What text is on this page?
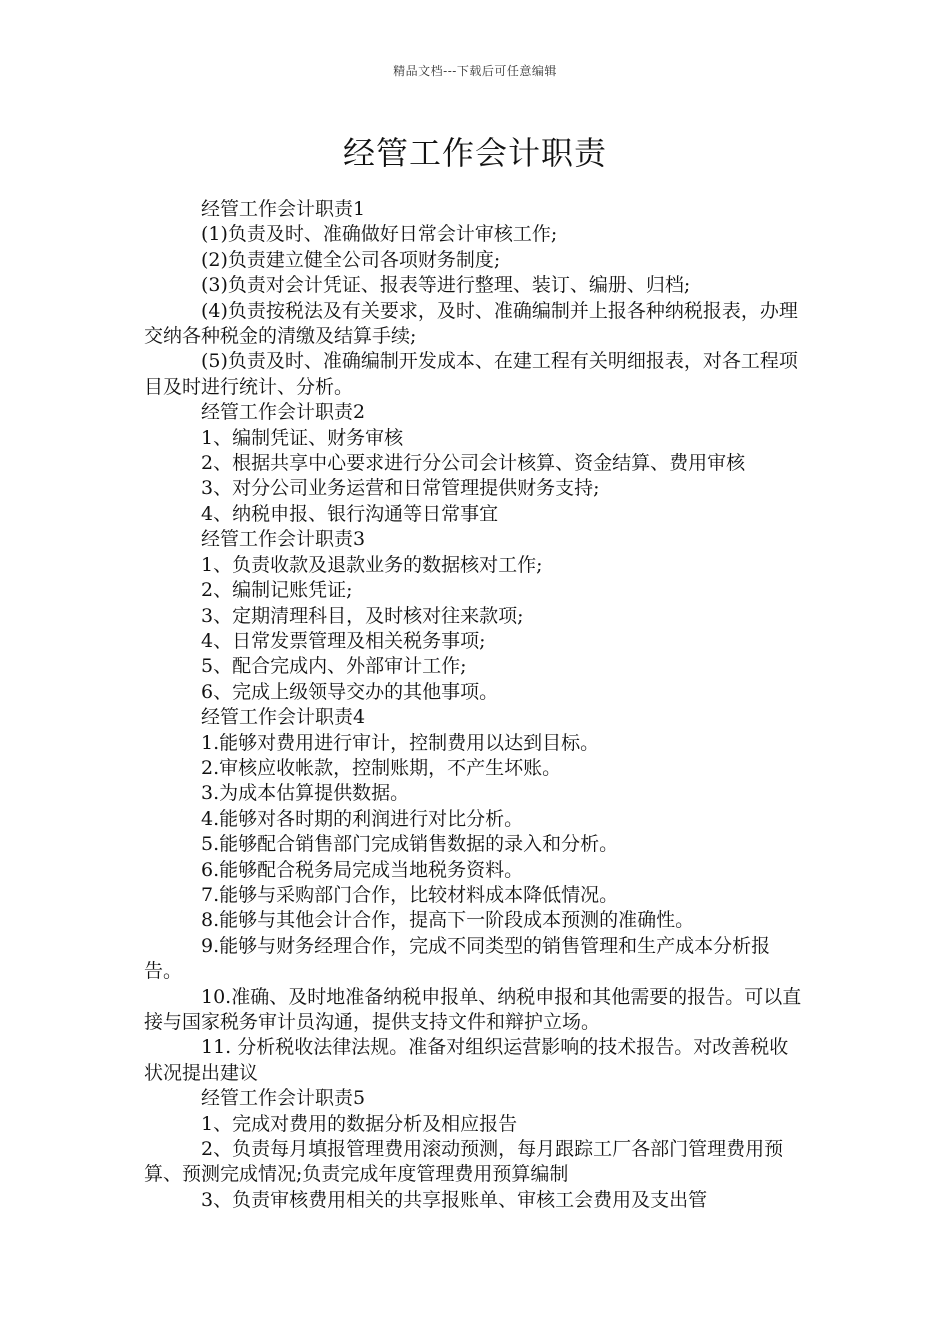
精品文档---下载后可任意编辑
经管工作会计职责

经管工作会计职责1

(1)负责及时、准确做好日常会计审核工作;

(2)负责建立健全公司各项财务制度;

(3)负责对会计凭证、报表等进行整理、装订、编册、归档;

(4)负责按税法及有关要求，及时、准确编制并上报各种纳税报表，办理交纳各种税金的清缴及结算手续;

(5)负责及时、准确编制开发成本、在建工程有关明细报表，对各工程项目及时进行统计、分析。

经管工作会计职责2

1、编制凭证、财务审核

2、根据共享中心要求进行分公司会计核算、资金结算、费用审核

3、对分公司业务运营和日常管理提供财务支持;

4、纳税申报、银行沟通等日常事宜

经管工作会计职责3

1、负责收款及退款业务的数据核对工作;

2、编制记账凭证;

3、定期清理科目，及时核对往来款项;

4、日常发票管理及相关税务事项;

5、配合完成内、外部审计工作;

6、完成上级领导交办的其他事项。

经管工作会计职责4

1.能够对费用进行审计，控制费用以达到目标。

2.审核应收帐款，控制账期，不产生坏账。

3.为成本估算提供数据。

4.能够对各时期的利润进行对比分析。

5.能够配合销售部门完成销售数据的录入和分析。

6.能够配合税务局完成当地税务资料。

7.能够与采购部门合作，比较材料成本降低情况。

8.能够与其他会计合作，提高下一阶段成本预测的准确性。

9.能够与财务经理合作，完成不同类型的销售管理和生产成本分析报告。

10.准确、及时地准备纳税申报单、纳税申报和其他需要的报告。可以直接与国家税务审计员沟通，提供支持文件和辩护立场。

11. 分析税收法律法规。准备对组织运营影响的技术报告。对改善税收状况提出建议

经管工作会计职责5

1、完成对费用的数据分析及相应报告

2、负责每月填报管理费用滚动预测，每月跟踪工厂各部门管理费用预算、预测完成情况;负责完成年度管理费用预算编制

3、负责审核费用相关的共享报账单、审核工会费用及支出管
